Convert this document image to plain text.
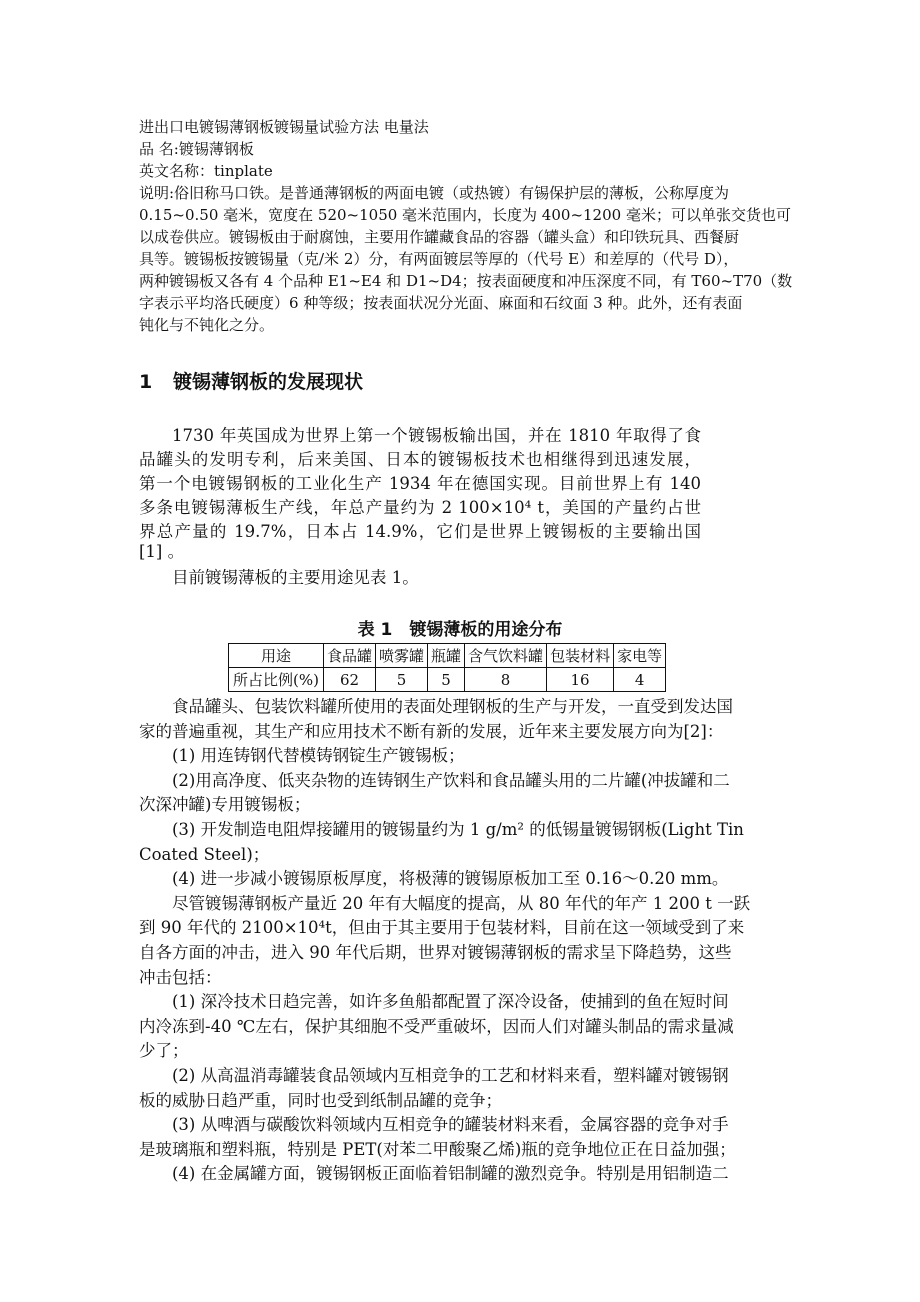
进出口电镀锡薄钢板镀锡量试验方法 电量法
品 名:镀锡薄钢板
英文名称：tinplate
说明:俗旧称马口铁。是普通薄钢板的两面电镀（或热镀）有锡保护层的薄板，公称厚度为
0.15~0.50 毫米，宽度在 520~1050 毫米范围内，长度为 400~1200 毫米；可以单张交货也可
以成卷供应。镀锡板由于耐腐蚀，主要用作罐藏食品的容器（罐头盒）和印铁玩具、西餐厨
具等。镀锡板按镀锡量（克/米 2）分，有两面镀层等厚的（代号 E）和差厚的（代号 D），
两种镀锡板又各有 4 个品种 E1~E4 和 D1~D4；按表面硬度和冲压深度不同，有 T60~T70（数
字表示平均洛氏硬度）6 种等级；按表面状况分光面、麻面和石纹面 3 种。此外，还有表面
钝化与不钝化之分。
1 镀锡薄钢板的发展现状
1730 年英国成为世界上第一个镀锡板输出国，并在 1810 年取得了食
品罐头的发明专利，后来美国、日本的镀锡板技术也相继得到迅速发展，
第一个电镀锡钢板的工业化生产 1934 年在德国实现。目前世界上有 140
多条电镀锡薄板生产线，年总产量约为 2 100×10⁴ t，美国的产量约占世
界总产量的 19.7%，日本占 14.9%，它们是世界上镀锡板的主要输出国
[1] 。
目前镀锡薄板的主要用途见表 1。
表 1　镀锡薄板的用途分布
用途	食品罐	喷雾罐	瓶罐	含气饮料罐	包装材料	家电等
所占比例(%)	62	5	5	8	16	4
食品罐头、包装饮料罐所使用的表面处理钢板的生产与开发，一直受到发达国
家的普遍重视，其生产和应用技术不断有新的发展，近年来主要发展方向为[2]：
(1) 用连铸钢代替模铸钢锭生产镀锡板；
(2)用高净度、低夹杂物的连铸钢生产饮料和食品罐头用的二片罐(冲拔罐和二
次深冲罐)专用镀锡板；
(3) 开发制造电阻焊接罐用的镀锡量约为 1 g/m² 的低锡量镀锡钢板(Light Tin
Coated Steel)；
(4) 进一步减小镀锡原板厚度，将极薄的镀锡原板加工至 0.16～0.20 mm。
尽管镀锡薄钢板产量近 20 年有大幅度的提高，从 80 年代的年产 1 200 t 一跃
到 90 年代的 2100×10⁴t，但由于其主要用于包装材料，目前在这一领域受到了来
自各方面的冲击，进入 90 年代后期，世界对镀锡薄钢板的需求呈下降趋势，这些
冲击包括：
(1) 深冷技术日趋完善，如许多鱼船都配置了深冷设备，使捕到的鱼在短时间
内冷冻到-40 ℃左右，保护其细胞不受严重破坏，因而人们对罐头制品的需求量减
少了；
(2) 从高温消毒罐装食品领域内互相竞争的工艺和材料来看，塑料罐对镀锡钢
板的威胁日趋严重，同时也受到纸制品罐的竞争；
(3) 从啤酒与碳酸饮料领域内互相竞争的罐装材料来看，金属容器的竞争对手
是玻璃瓶和塑料瓶，特别是 PET(对苯二甲酸聚乙烯)瓶的竞争地位正在日益加强；
(4) 在金属罐方面，镀锡钢板正面临着铝制罐的激烈竞争。特别是用铝制造二
